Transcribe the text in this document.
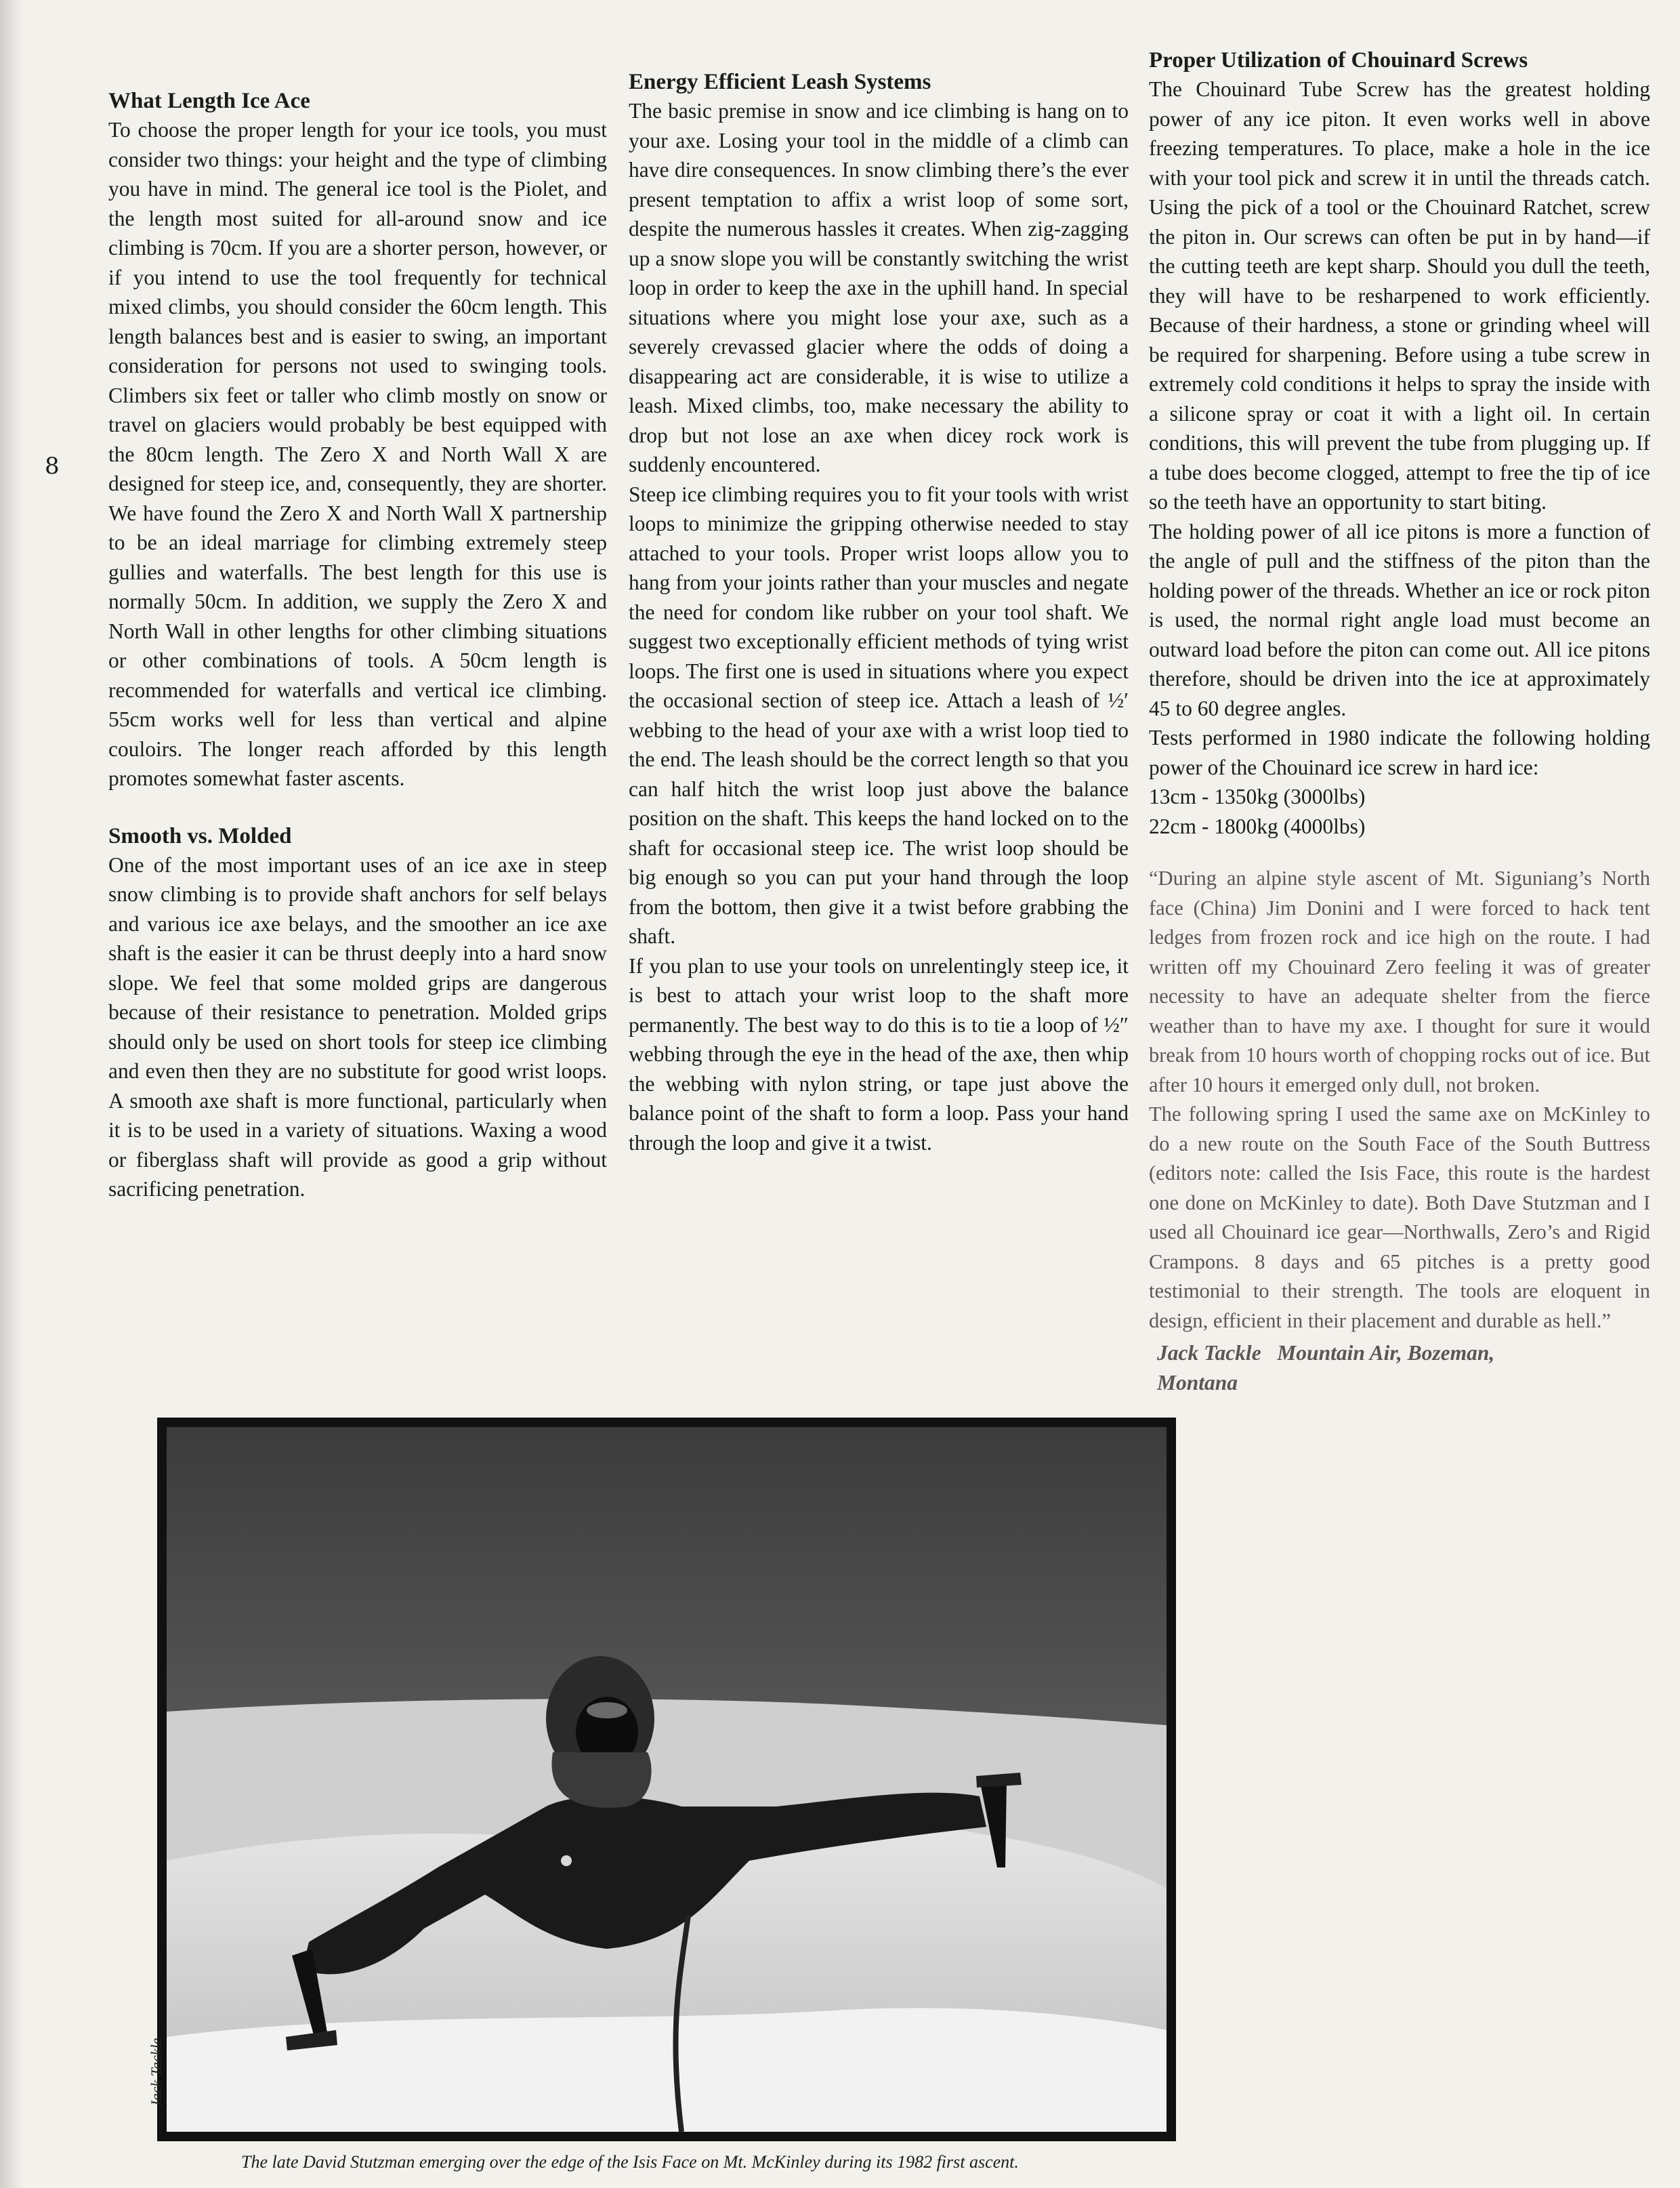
8
What Length Ice Ace

To choose the proper length for your ice tools, you must consider two things: your height and the type of climbing you have in mind. The general ice tool is the Piolet, and the length most suited for all-around snow and ice climbing is 70cm. If you are a shorter person, however, or if you intend to use the tool frequently for technical mixed climbs, you should consider the 60cm length. This length balances best and is easier to swing, an important consideration for persons not used to swinging tools. Climbers six feet or taller who climb mostly on snow or travel on glaciers would probably be best equipped with the 80cm length. The Zero X and North Wall X are designed for steep ice, and, consequently, they are shorter. We have found the Zero X and North Wall X partnership to be an ideal marriage for climbing extremely steep gullies and waterfalls. The best length for this use is normally 50cm. In addition, we supply the Zero X and North Wall in other lengths for other climbing situations or other combinations of tools. A 50cm length is recommended for waterfalls and vertical ice climbing. 55cm works well for less than vertical and alpine couloirs. The longer reach afforded by this length promotes somewhat faster ascents.

Smooth vs. Molded

One of the most important uses of an ice axe in steep snow climbing is to provide shaft anchors for self belays and various ice axe belays, and the smoother an ice axe shaft is the easier it can be thrust deeply into a hard snow slope. We feel that some molded grips are dangerous because of their resistance to penetration. Molded grips should only be used on short tools for steep ice climbing and even then they are no substitute for good wrist loops. A smooth axe shaft is more functional, particularly when it is to be used in a variety of situations. Waxing a wood or fiberglass shaft will provide as good a grip without sacrificing penetration.

Energy Efficient Leash Systems

The basic premise in snow and ice climbing is hang on to your axe. Losing your tool in the middle of a climb can have dire consequences. In snow climbing there’s the ever present temptation to affix a wrist loop of some sort, despite the numerous hassles it creates. When zig-zagging up a snow slope you will be constantly switching the wrist loop in order to keep the axe in the uphill hand. In special situations where you might lose your axe, such as a severely crevassed glacier where the odds of doing a disappearing act are considerable, it is wise to utilize a leash. Mixed climbs, too, make necessary the ability to drop but not lose an axe when dicey rock work is suddenly encountered.

Steep ice climbing requires you to fit your tools with wrist loops to minimize the gripping otherwise needed to stay attached to your tools. Proper wrist loops allow you to hang from your joints rather than your muscles and negate the need for condom like rubber on your tool shaft. We suggest two exceptionally efficient methods of tying wrist loops. The first one is used in situations where you expect the occasional section of steep ice. Attach a leash of ½′ webbing to the head of your axe with a wrist loop tied to the end. The leash should be the correct length so that you can half hitch the wrist loop just above the balance position on the shaft. This keeps the hand locked on to the shaft for occasional steep ice. The wrist loop should be big enough so you can put your hand through the loop from the bottom, then give it a twist before grabbing the shaft.

If you plan to use your tools on unrelentingly steep ice, it is best to attach your wrist loop to the shaft more permanently. The best way to do this is to tie a loop of ½″ webbing through the eye in the head of the axe, then whip the webbing with nylon string, or tape just above the balance point of the shaft to form a loop. Pass your hand through the loop and give it a twist.

Proper Utilization of Chouinard Screws

The Chouinard Tube Screw has the greatest holding power of any ice piton. It even works well in above freezing temperatures. To place, make a hole in the ice with your tool pick and screw it in until the threads catch. Using the pick of a tool or the Chouinard Ratchet, screw the piton in. Our screws can often be put in by hand—if the cutting teeth are kept sharp. Should you dull the teeth, they will have to be resharpened to work efficiently. Because of their hardness, a stone or grinding wheel will be required for sharpening. Before using a tube screw in extremely cold conditions it helps to spray the inside with a silicone spray or coat it with a light oil. In certain conditions, this will prevent the tube from plugging up. If a tube does become clogged, attempt to free the tip of ice so the teeth have an opportunity to start biting.

The holding power of all ice pitons is more a function of the angle of pull and the stiffness of the piton than the holding power of the threads. Whether an ice or rock piton is used, the normal right angle load must become an outward load before the piton can come out. All ice pitons therefore, should be driven into the ice at approximately 45 to 60 degree angles.

Tests performed in 1980 indicate the following holding power of the Chouinard ice screw in hard ice:

13cm - 1350kg (3000lbs)
22cm - 1800kg (4000lbs)

“During an alpine style ascent of Mt. Siguniang’s North face (China) Jim Donini and I were forced to hack tent ledges from frozen rock and ice high on the route. I had written off my Chouinard Zero feeling it was of greater necessity to have an adequate shelter from the fierce weather than to have my axe. I thought for sure it would break from 10 hours worth of chopping rocks out of ice. But after 10 hours it emerged only dull, not broken.

The following spring I used the same axe on McKinley to do a new route on the South Face of the South Buttress (editors note: called the Isis Face, this route is the hardest one done on McKinley to date). Both Dave Stutzman and I used all Chouinard ice gear—Northwalls, Zero’s and Rigid Crampons. 8 days and 65 pitches is a pretty good testimonial to their strength. The tools are eloquent in design, efficient in their placement and durable as hell.”

Jack Tackle   Mountain Air, Bozeman,
Montana
Jack Tackle
The late David Stutzman emerging over the edge of the Isis Face on Mt. McKinley during its 1982 first ascent.
